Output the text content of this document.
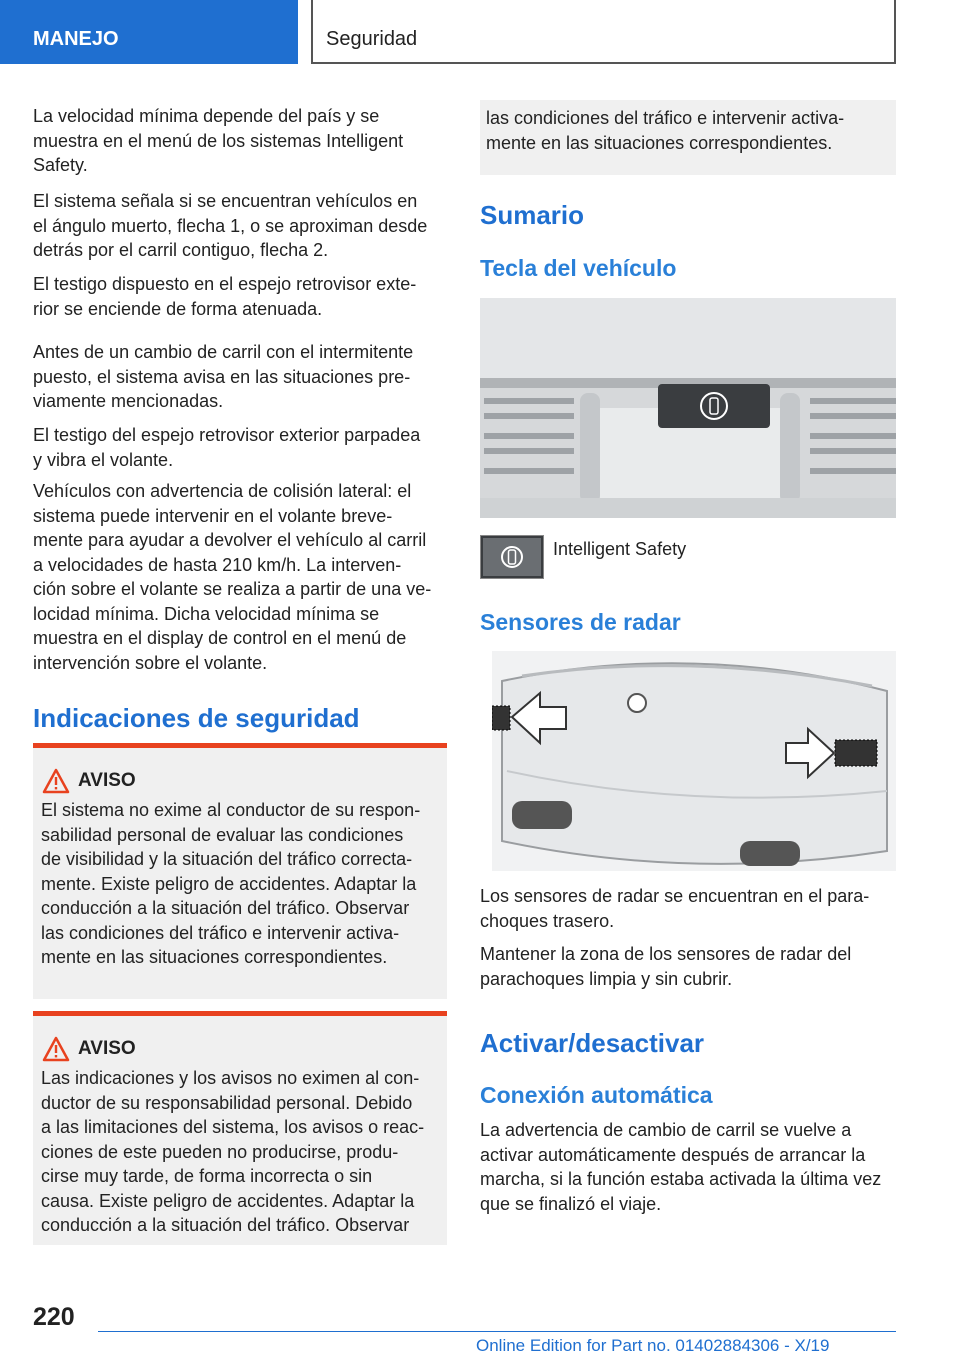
MANEJO	Seguridad

La velocidad mínima depende del país y se
muestra en el menú de los sistemas Intelligent
Safety.

El sistema señala si se encuentran vehículos en
el ángulo muerto, flecha 1, o se aproximan desde
detrás por el carril contiguo, flecha 2.

El testigo dispuesto en el espejo retrovisor exte-
rior se enciende de forma atenuada.

Antes de un cambio de carril con el intermitente
puesto, el sistema avisa en las situaciones pre-
viamente mencionadas.

El testigo del espejo retrovisor exterior parpadea
y vibra el volante.

Vehículos con advertencia de colisión lateral: el
sistema puede intervenir en el volante breve-
mente para ayudar a devolver el vehículo al carril
a velocidades de hasta 210 km/h. La interven-
ción sobre el volante se realiza a partir de una ve-
locidad mínima. Dicha velocidad mínima se
muestra en el display de control en el menú de
intervención sobre el volante.

Indicaciones de seguridad
AVISO

El sistema no exime al conductor de su respon-
sabilidad personal de evaluar las condiciones
de visibilidad y la situación del tráfico correcta-
mente. Existe peligro de accidentes. Adaptar la
conducción a la situación del tráfico. Observar
las condiciones del tráfico e intervenir activa-
mente en las situaciones correspondientes.

AVISO

Las indicaciones y los avisos no eximen al con-
ductor de su responsabilidad personal. Debido
a las limitaciones del sistema, los avisos o reac-
ciones de este pueden no producirse, produ-
cirse muy tarde, de forma incorrecta o sin
causa. Existe peligro de accidentes. Adaptar la
conducción a la situación del tráfico. Observar

las condiciones del tráfico e intervenir activa-
mente en las situaciones correspondientes.

Sumario
Tecla del vehículo
Intelligent Safety
Sensores de radar

Los sensores de radar se encuentran en el para-
choques trasero.

Mantener la zona de los sensores de radar del
parachoques limpia y sin cubrir.

Activar/desactivar
Conexión automática

La advertencia de cambio de carril se vuelve a
activar automáticamente después de arrancar la
marcha, si la función estaba activada la última vez
que se finalizó el viaje.

220
Online Edition for Part no. 01402884306 - X/19
